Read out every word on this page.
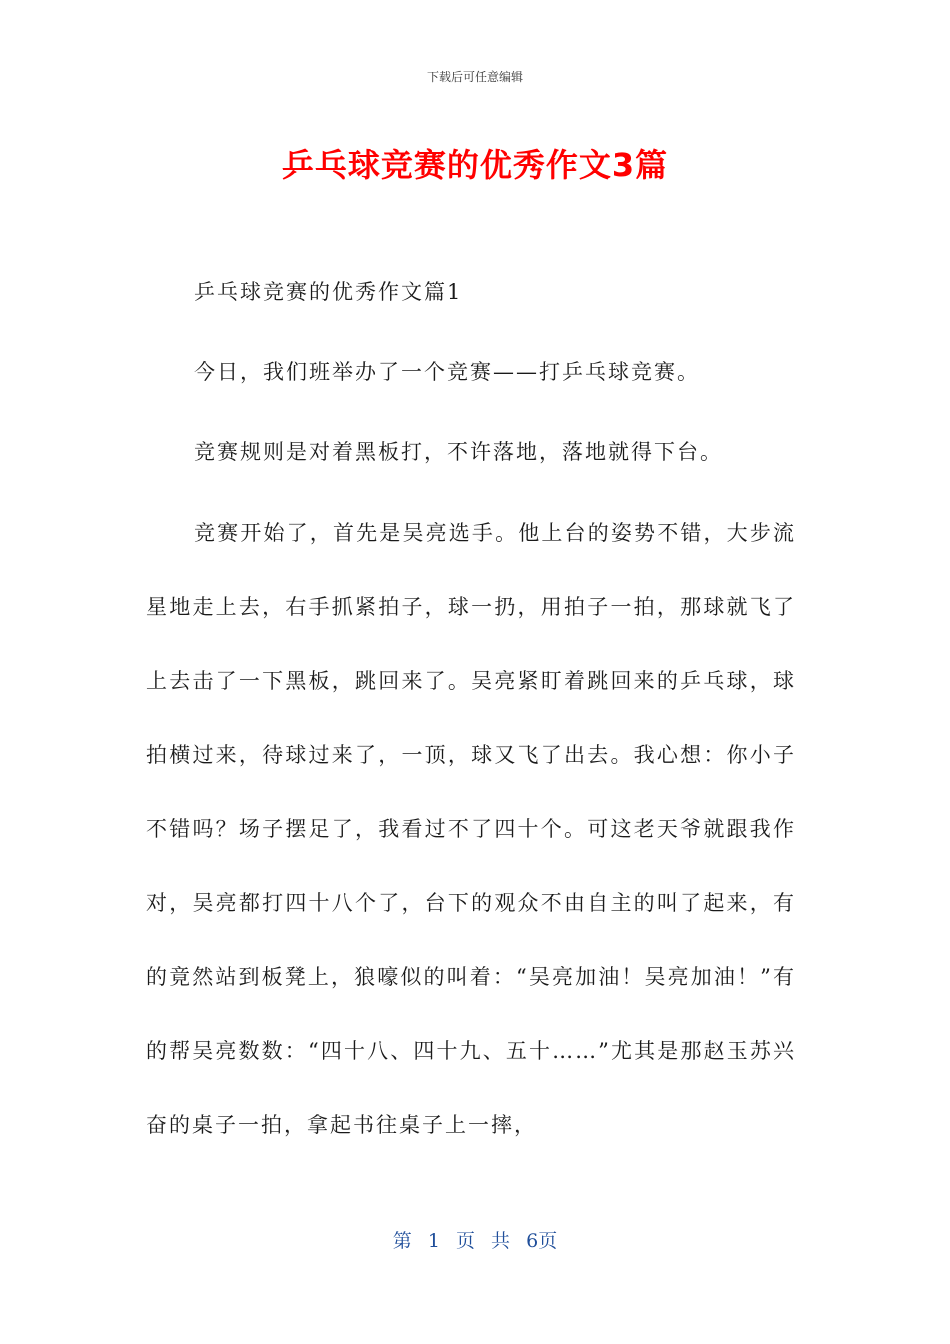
下载后可任意编辑
乒乓球竞赛的优秀作文3篇

乒乓球竞赛的优秀作文篇1

今日，我们班举办了一个竞赛——打乒乓球竞赛。

竞赛规则是对着黑板打，不许落地，落地就得下台。

竞赛开始了，首先是吴亮选手。他上台的姿势不错，大步流星地走上去，右手抓紧拍子，球一扔，用拍子一拍，那球就飞了上去击了一下黑板，跳回来了。吴亮紧盯着跳回来的乒乓球，球拍横过来，待球过来了，一顶，球又飞了出去。我心想：你小子不错吗？场子摆足了，我看过不了四十个。可这老天爷就跟我作对，吴亮都打四十八个了，台下的观众不由自主的叫了起来，有的竟然站到板凳上，狼嚎似的叫着：“吴亮加油！吴亮加油！”有的帮吴亮数数：“四十八、四十九、五十……”尤其是那赵玉苏兴奋的桌子一拍，拿起书往桌子上一摔，

第 1 页 共 6页
